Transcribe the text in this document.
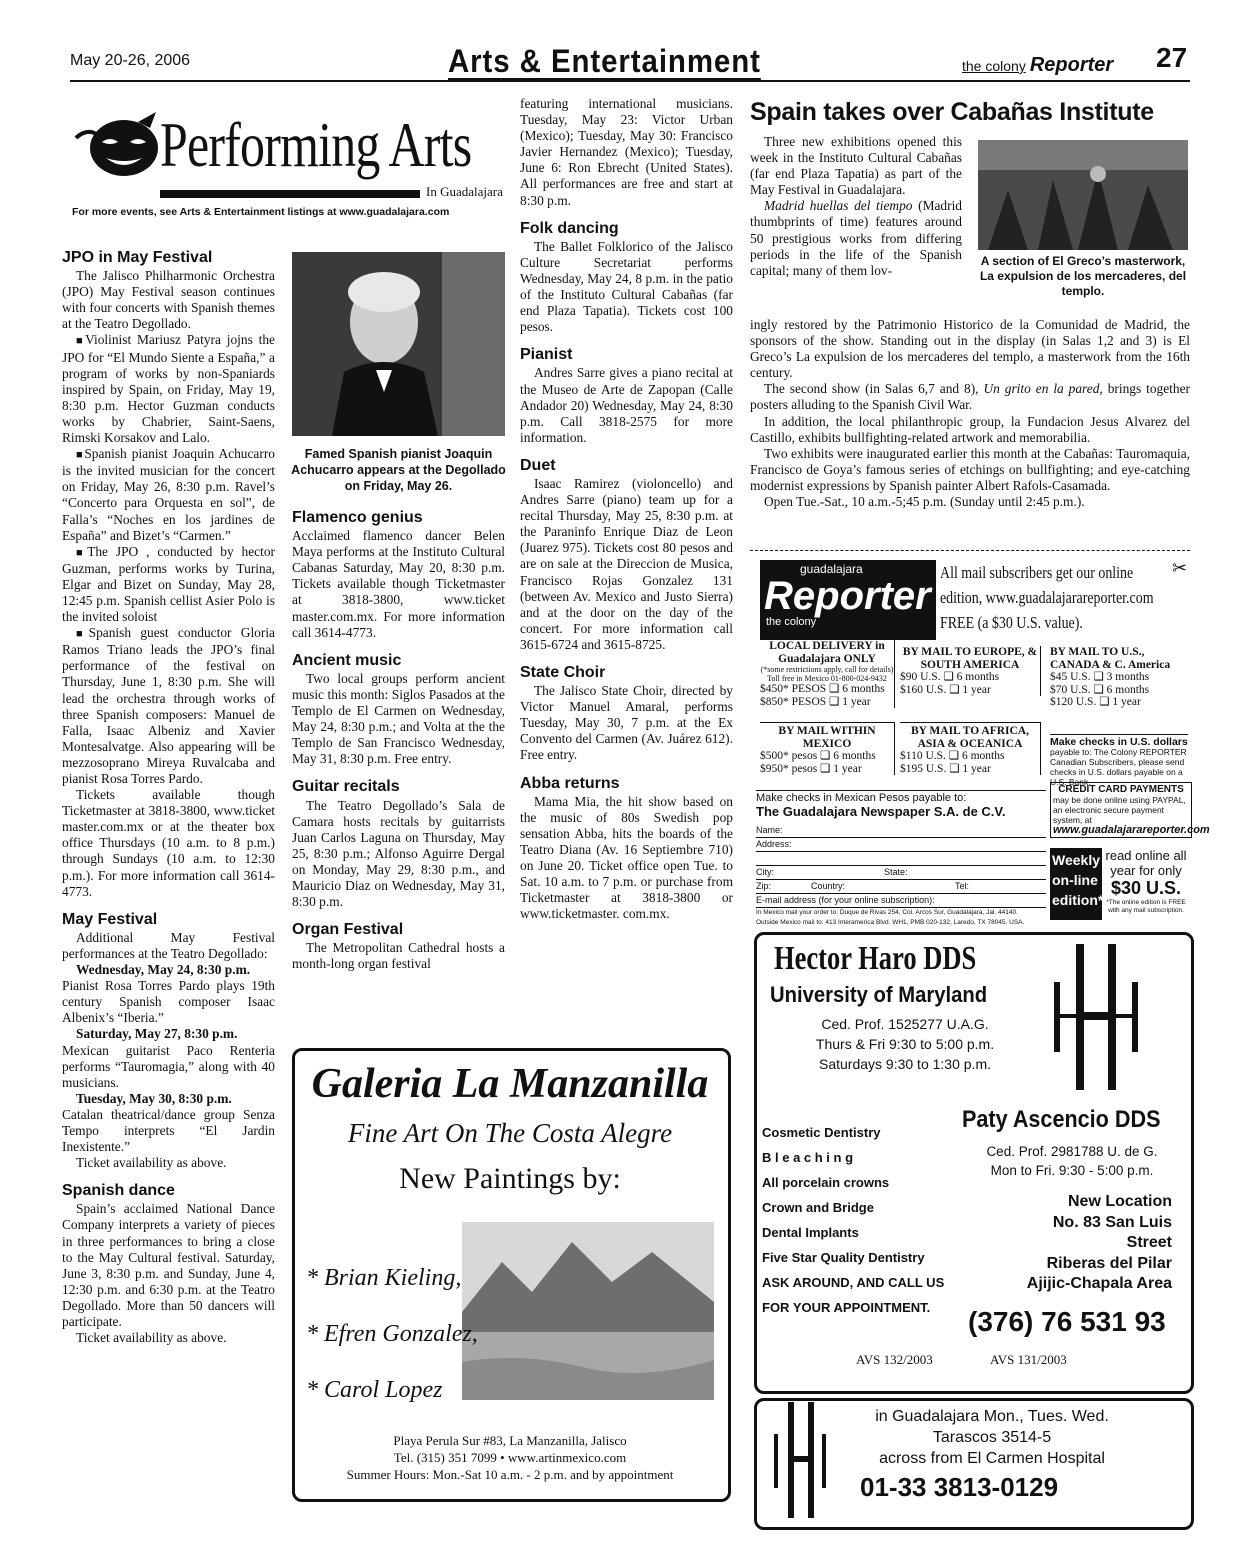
May 20-26, 2006	Arts & Entertainment	the colony Reporter 27
Performing Arts
In Guadalajara
For more events, see Arts & Entertainment listings at www.guadalajara.com
JPO in May Festival

The Jalisco Philharmonic Orchestra (JPO) May Festival season continues with four concerts with Spanish themes at the Teatro Degollado.

■ Violinist Mariusz Patyra jojns the JPO for “El Mundo Siente a España,” a program of works by non-Spaniards inspired by Spain, on Friday, May 19, 8:30 p.m. Hector Guzman conducts works by Chabrier, Saint-Saens, Rimski Korsakov and Lalo.

■ Spanish pianist Joaquin Achucarro is the invited musician for the concert on Friday, May 26, 8:30 p.m. Ravel’s “Concerto para Orquesta en sol”, de Falla’s “Noches en los jardines de España” and Bizet’s “Carmen.”

■ The JPO , conducted by hector Guzman, performs works by Turina, Elgar and Bizet on Sunday, May 28, 12:45 p.m. Spanish cellist Asier Polo is the invited soloist

■ Spanish guest conductor Gloria Ramos Triano leads the JPO’s final performance of the festival on Thursday, June 1, 8:30 p.m. She will lead the orchestra through works of three Spanish composers: Manuel de Falla, Isaac Albeniz and Xavier Montesalvatge. Also appearing will be mezzosoprano Mireya Ruvalcaba and pianist Rosa Torres Pardo.

Tickets available though Ticketmaster at 3818-3800, www.ticket master.com.mx or at the theater box office Thursdays (10 a.m. to 8 p.m.) through Sundays (10 a.m. to 12:30 p.m.). For more information call 3614-4773.

May Festival

Additional May Festival performances at the Teatro Degollado:

Wednesday, May 24, 8:30 p.m.

Pianist Rosa Torres Pardo plays 19th century Spanish composer Isaac Albenix’s “Iberia.”

Saturday, May 27, 8:30 p.m.

Mexican guitarist Paco Renteria performs “Tauromagia,” along with 40 musicians.

Tuesday, May 30, 8:30 p.m.

Catalan theatrical/dance group Senza Tempo interprets “El Jardin Inexistente.”

Ticket availability as above.

Spanish dance

Spain’s acclaimed National Dance Company interprets a variety of pieces in three performances to bring a close to the May Cultural festival. Saturday, June 3, 8:30 p.m. and Sunday, June 4, 12:30 p.m. and 6:30 p.m. at the Teatro Degollado. More than 50 dancers will participate.

Ticket availability as above.

Famed Spanish pianist Joaquin Achucarro appears at the Degollado on Friday, May 26.
Flamenco genius

Acclaimed flamenco dancer Belen Maya performs at the Instituto Cultural Cabanas Saturday, May 20, 8:30 p.m. Tickets available though Ticketmaster at 3818-3800, www.ticket master.com.mx. For more information call 3614-4773.

Ancient music

Two local groups perform ancient music this month: Siglos Pasados at the Templo de El Carmen on Wednesday, May 24, 8:30 p.m.; and Volta at the the Templo de San Francisco Wednesday, May 31, 8:30 p.m. Free entry.

Guitar recitals

The Teatro Degollado’s Sala de Camara hosts recitals by guitarrists Juan Carlos Laguna on Thursday, May 25, 8:30 p.m.; Alfonso Aguirre Dergal on Monday, May 29, 8:30 p.m., and Mauricio Diaz on Wednesday, May 31, 8:30 p.m.

Organ Festival

The Metropolitan Cathedral hosts a month-long organ festival

featuring international musicians. Tuesday, May 23: Victor Urban (Mexico); Tuesday, May 30: Francisco Javier Hernandez (Mexico); Tuesday, June 6: Ron Ebrecht (United States). All performances are free and start at 8:30 p.m.

Folk dancing

The Ballet Folklorico of the Jalisco Culture Secretariat performs Wednesday, May 24, 8 p.m. in the patio of the Instituto Cultural Cabañas (far end Plaza Tapatia). Tickets cost 100 pesos.

Pianist

Andres Sarre gives a piano recital at the Museo de Arte de Zapopan (Calle Andador 20) Wednesday, May 24, 8:30 p.m. Call 3818-2575 for more information.

Duet

Isaac Ramirez (violoncello) and Andres Sarre (piano) team up for a recital Thursday, May 25, 8:30 p.m. at the Paraninfo Enrique Diaz de Leon (Juarez 975). Tickets cost 80 pesos and are on sale at the Direccion de Musica, Francisco Rojas Gonzalez 131 (between Av. Mexico and Justo Sierra) and at the door on the day of the concert. For more information call 3615-6724 and 3615-8725.

State Choir

The Jalisco State Choir, directed by Victor Manuel Amaral, performs Tuesday, May 30, 7 p.m. at the Ex Convento del Carmen (Av. Juárez 612). Free entry.

Abba returns

Mama Mia, the hit show based on the music of 80s Swedish pop sensation Abba, hits the boards of the Teatro Diana (Av. 16 Septiembre 710) on June 20. Ticket office open Tue. to Sat. 10 a.m. to 7 p.m. or purchase from Ticketmaster at 3818-3800 or www.ticketmaster. com.mx.

Spain takes over Cabañas Institute

Three new exhibitions opened this week in the Instituto Cultural Cabañas (far end Plaza Tapatia) as part of the May Festival in Guadalajara.

Madrid huellas del tiempo (Madrid thumbprints of time) features around 50 prestigious works from differing periods in the life of the Spanish capital; many of them lov-

A section of El Greco’s masterwork, La expulsion de los mercaderes, del templo.

ingly restored by the Patrimonio Historico de la Comunidad de Madrid, the sponsors of the show. Standing out in the display (in Salas 1,2 and 3) is El Greco’s La expulsion de los mercaderes del templo, a masterwork from the 16th century.

The second show (in Salas 6,7 and 8), Un grito en la pared, brings together posters alluding to the Spanish Civil War.

In addition, the local philanthropic group, la Fundacion Jesus Alvarez del Castillo, exhibits bullfighting-related artwork and memorabilia.

Two exhibits were inaugurated earlier this month at the Cabañas: Tauromaquia, Francisco de Goya’s famous series of etchings on bullfighting; and eye-catching modernist expressions by Spanish painter Albert Rafols-Casamada.

Open Tue.-Sat., 10 a.m.-5;45 p.m. (Sunday until 2:45 p.m.).

guadalajara
Reporter
the colony
All mail subscribers get our online edition, www.guadalajarareporter.com FREE (a $30 U.S. value).
✂
LOCAL DELIVERY in Guadalajara ONLY
(*some restrictions apply, call for details) Toll free in Mexico 01-800-024-9432
$450* PESOS ❑ 6 months
$850* PESOS ❑ 1 year
BY MAIL TO EUROPE, & SOUTH AMERICA
$90 U.S. ❑ 6 months
$160 U.S. ❑ 1 year
BY MAIL TO U.S., CANADA & C. America
$45 U.S. ❑ 3 months
$70 U.S. ❑ 6 months
$120 U.S. ❑ 1 year
BY MAIL WITHIN MEXICO
$500* pesos ❑ 6 months
$950* pesos ❑ 1 year
BY MAIL TO AFRICA, ASIA & OCEANICA
$110 U.S. ❑ 6 months
$195 U.S. ❑ 1 year
Make checks in U.S. dollars
payable to: The Colony REPORTER Canadian Subscribers, please send checks in U.S. dollars payable on a U.S. Bank.
CREDIT CARD PAYMENTS
may be done online using PAYPAL, an electronic secure payment system, at
www.guadalajarareporter.com
Weekly on-line edition*
read online all year for only
$30 U.S.
*The online edition is FREE with any mail subscription.
Make checks in Mexican Pesos payable to:
The Guadalajara Newspaper S.A. de C.V.
Name:
Address:
City:	State:
Zip:	Country:	Tel:
E-mail address (for your online subscription):
In Mexico mail your order to: Duque de Rivas 254, Col. Arcos Sur, Guadalajara, Jal. 44140.
Outside Mexico mail to: 413 Interamerica Blvd. WH1, PMB 020-132, Laredo, TX 78045. USA.
Hector Haro DDS
University of Maryland
Ced. Prof. 1525277 U.A.G.
Thurs & Fri 9:30 to 5:00 p.m.
Saturdays 9:30 to 1:30 p.m.
Cosmetic Dentistry
B l e a c h i n g
All porcelain crowns
Crown and Bridge
Dental Implants
Five Star Quality Dentistry
ASK AROUND, AND CALL US
FOR YOUR APPOINTMENT.
Paty Ascencio DDS
Ced. Prof. 2981788 U. de G.
Mon to Fri. 9:30 - 5:00 p.m.
New Location
No. 83 San Luis Street
Riberas del Pilar
Ajijic-Chapala Area
(376) 76 531 93
AVS 132/2003	AVS 131/2003
in Guadalajara Mon., Tues. Wed.
Tarascos 3514-5
across from El Carmen Hospital
01-33 3813-0129
Galeria La Manzanilla
Fine Art On The Costa Alegre
New Paintings by:
* Brian Kieling,
* Efren Gonzalez,
* Carol Lopez
Playa Perula Sur #83, La Manzanilla, Jalisco
Tel. (315) 351 7099 • www.artinmexico.com
Summer Hours: Mon.-Sat 10 a.m. - 2 p.m. and by appointment
